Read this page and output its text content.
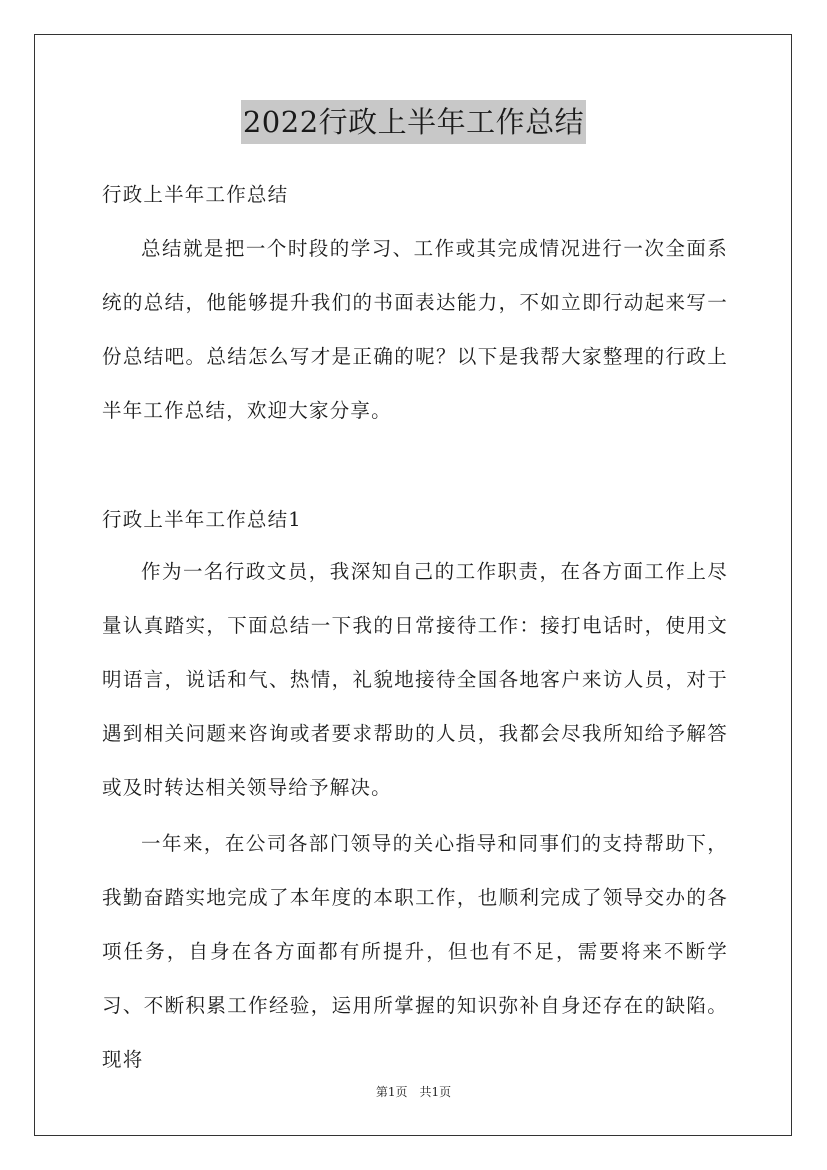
2022行政上半年工作总结
行政上半年工作总结
总结就是把一个时段的学习、工作或其完成情况进行一次全面系统的总结，他能够提升我们的书面表达能力，不如立即行动起来写一份总结吧。总结怎么写才是正确的呢？以下是我帮大家整理的行政上半年工作总结，欢迎大家分享。
行政上半年工作总结1
作为一名行政文员，我深知自己的工作职责，在各方面工作上尽量认真踏实，下面总结一下我的日常接待工作：接打电话时，使用文明语言，说话和气、热情，礼貌地接待全国各地客户来访人员，对于遇到相关问题来咨询或者要求帮助的人员，我都会尽我所知给予解答或及时转达相关领导给予解决。
一年来，在公司各部门领导的关心指导和同事们的支持帮助下，我勤奋踏实地完成了本年度的本职工作，也顺利完成了领导交办的各项任务，自身在各方面都有所提升，但也有不足，需要将来不断学习、不断积累工作经验，运用所掌握的知识弥补自身还存在的缺陷。现将
第1页 共1页
